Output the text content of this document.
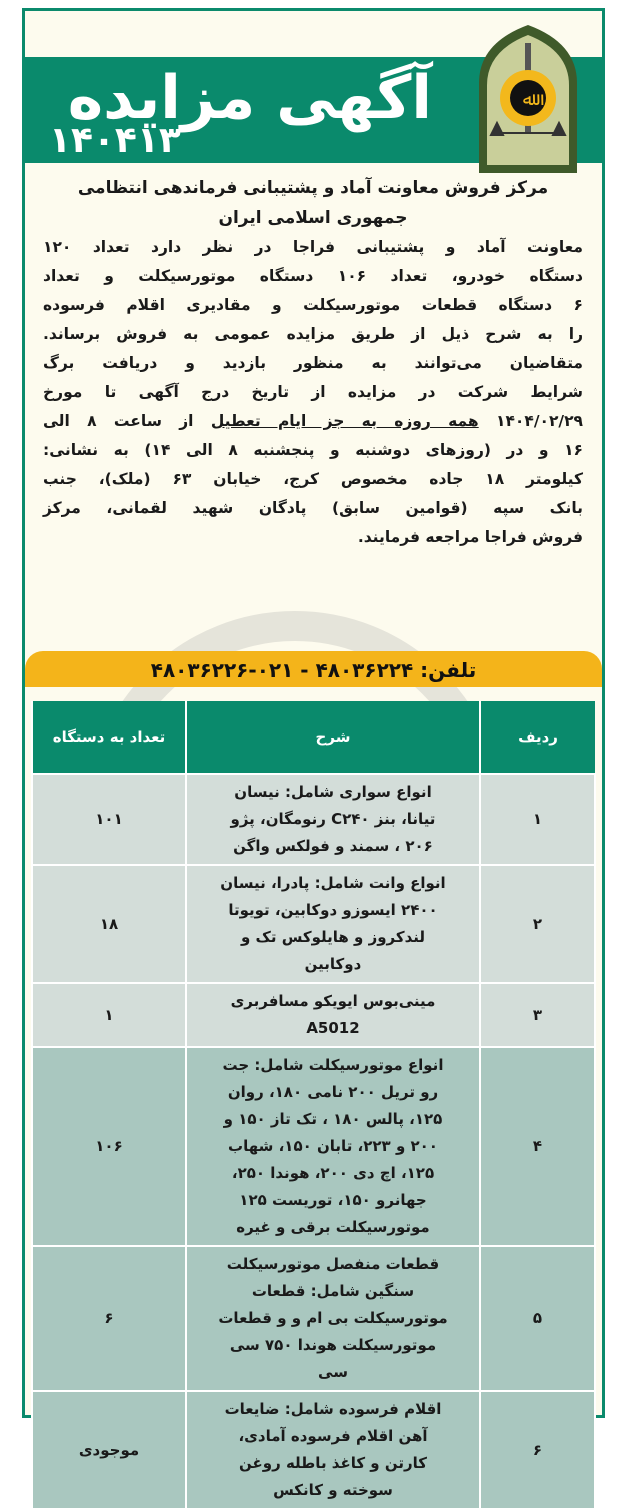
آگهی مزایده
۱۴۰۴۱۳
ﷲ
مرکز فروش معاونت آماد و پشتیبانی فرماندهی انتظامی
جمهوری اسلامی ایران
معاونت آماد و پشتیبانی فراجا در نظر دارد تعداد ۱۲۰
دستگاه خودرو، تعداد ۱۰۶ دستگاه موتورسیکلت و تعداد
۶ دستگاه قطعات موتورسیکلت و مقادیری اقلام فرسوده
را به شرح ذیل از طریق مزایده عمومی به فروش برساند.
متقاضیان می‌توانند به منظور بازدید و دریافت برگ
شرایط شرکت در مزایده از تاریخ درج آگهی تا مورخ
۱۴۰۴/۰۲/۲۹ همه روزه به جز ایام تعطیل از ساعت ۸ الی
۱۶ و در (روزهای دوشنبه و پنجشنبه ۸ الی ۱۴) به نشانی:
کیلومتر ۱۸ جاده مخصوص کرج، خیابان ۶۳ (ملک)، جنب
بانک سپه (قوامین سابق) پادگان شهید لقمانی، مرکز
فروش فراجا مراجعه فرمایند.
تلفن: ۴۸۰۳۶۲۲۴ - ۰۲۱-۴۸۰۳۶۲۲۶
ردیف	شرح	تعداد به دستگاه
۱	انواع سواری شامل: نیسان تیانا، بنز C۲۴۰ رنومگان، پژو ۲۰۶ ، سمند و فولکس واگن	۱۰۱
۲	انواع وانت شامل: پادرا، نیسان ۲۴۰۰ ایسوزو دوکابین، تویوتا لندکروز و هایلوکس تک و دوکابین	۱۸
۳	مینی‌بوس ایویکو مسافربری A5012	۱
۴	انواع موتورسیکلت شامل: جت رو تریل ۲۰۰ نامی ۱۸۰، روان ۱۲۵، پالس ۱۸۰ ، تک تاز ۱۵۰ و ۲۰۰ و ۲۲۳، تابان ۱۵۰، شهاب ۱۲۵، اچ دی ۲۰۰، هوندا ۲۵۰، جهانرو ۱۵۰، توریست ۱۲۵ موتورسیکلت برقی و غیره	۱۰۶
۵	قطعات منفصل موتورسیکلت سنگین شامل: قطعات موتورسیکلت بی ام و و قطعات موتورسیکلت هوندا ۷۵۰ سی سی	۶
۶	اقلام فرسوده شامل: ضایعات آهن اقلام فرسوده آمادی، کارتن و کاغذ باطله روغن سوخته و کانکس	موجودی
